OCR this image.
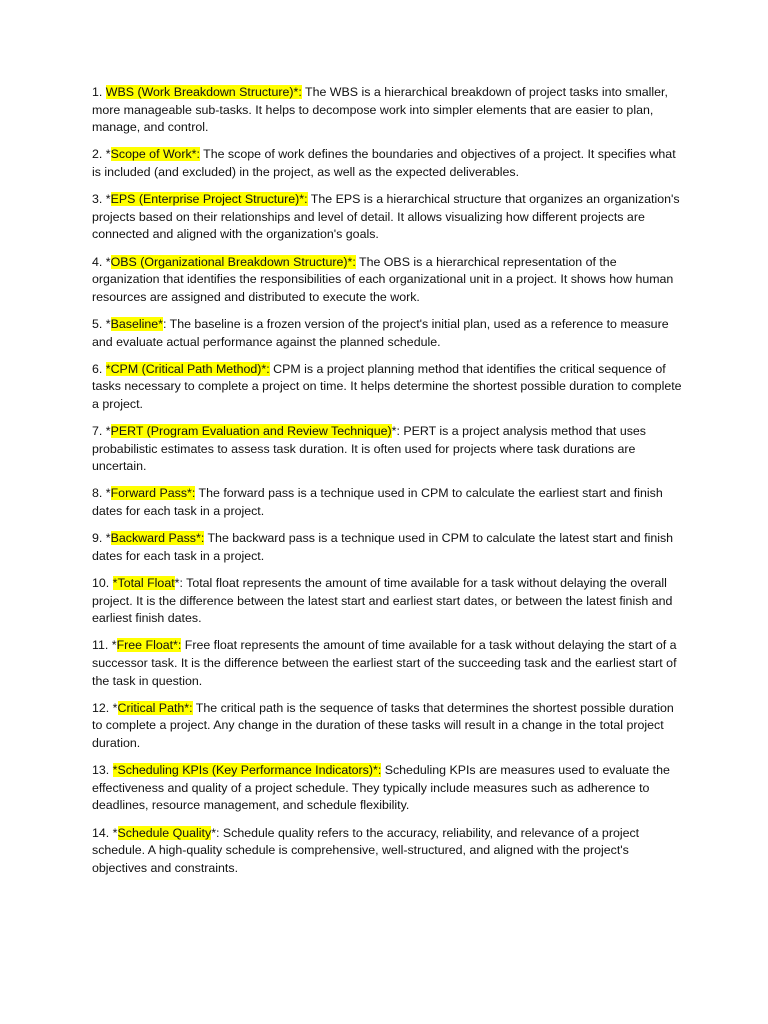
1. WBS (Work Breakdown Structure)*: The WBS is a hierarchical breakdown of project tasks into smaller, more manageable sub-tasks. It helps to decompose work into simpler elements that are easier to plan, manage, and control.

2. *Scope of Work*: The scope of work defines the boundaries and objectives of a project. It specifies what is included (and excluded) in the project, as well as the expected deliverables.

3. *EPS (Enterprise Project Structure)*: The EPS is a hierarchical structure that organizes an organization's projects based on their relationships and level of detail. It allows visualizing how different projects are connected and aligned with the organization's goals.

4. *OBS (Organizational Breakdown Structure)*: The OBS is a hierarchical representation of the organization that identifies the responsibilities of each organizational unit in a project. It shows how human resources are assigned and distributed to execute the work.

5. *Baseline*: The baseline is a frozen version of the project's initial plan, used as a reference to measure and evaluate actual performance against the planned schedule.

6. *CPM (Critical Path Method)*: CPM is a project planning method that identifies the critical sequence of tasks necessary to complete a project on time. It helps determine the shortest possible duration to complete a project.

7. *PERT (Program Evaluation and Review Technique)*: PERT is a project analysis method that uses probabilistic estimates to assess task duration. It is often used for projects where task durations are uncertain.

8. *Forward Pass*: The forward pass is a technique used in CPM to calculate the earliest start and finish dates for each task in a project.

9. *Backward Pass*: The backward pass is a technique used in CPM to calculate the latest start and finish dates for each task in a project.

10. *Total Float*: Total float represents the amount of time available for a task without delaying the overall project. It is the difference between the latest start and earliest start dates, or between the latest finish and earliest finish dates.

11. *Free Float*: Free float represents the amount of time available for a task without delaying the start of a successor task. It is the difference between the earliest start of the succeeding task and the earliest start of the task in question.

12. *Critical Path*: The critical path is the sequence of tasks that determines the shortest possible duration to complete a project. Any change in the duration of these tasks will result in a change in the total project duration.

13. *Scheduling KPIs (Key Performance Indicators)*: Scheduling KPIs are measures used to evaluate the effectiveness and quality of a project schedule. They typically include measures such as adherence to deadlines, resource management, and schedule flexibility.

14. *Schedule Quality*: Schedule quality refers to the accuracy, reliability, and relevance of a project schedule. A high-quality schedule is comprehensive, well-structured, and aligned with the project's objectives and constraints.
